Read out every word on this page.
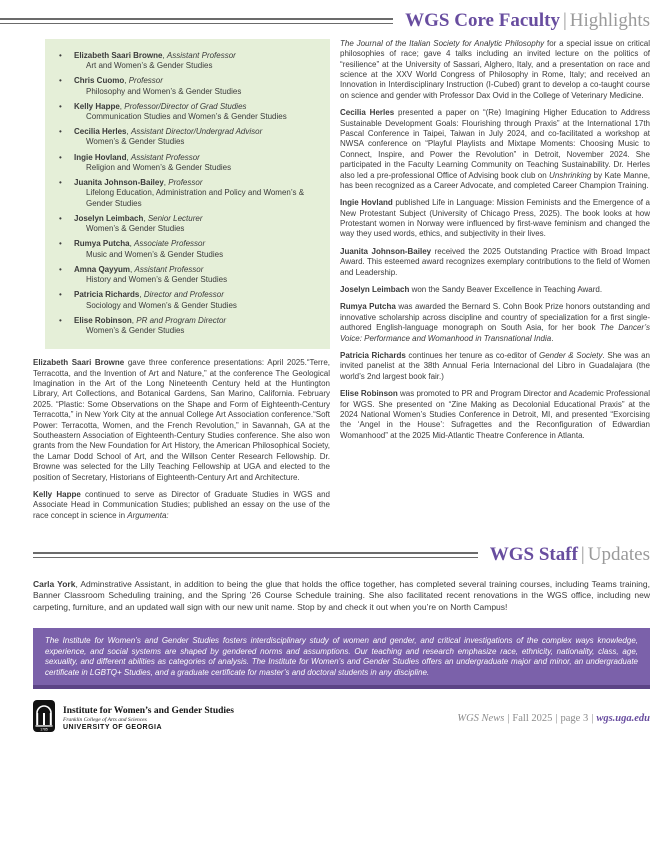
WGS Core Faculty | Highlights
•	Elizabeth Saari Browne, Assistant Professor
Art and Women’s & Gender Studies
•	Chris Cuomo, Professor
Philosophy and Women’s & Gender Studies
•	Kelly Happe, Professor/Director of Grad Studies
Communication Studies and Women’s & Gender Studies
•	Cecilia Herles, Assistant Director/Undergrad Advisor
Women’s & Gender Studies
•	Ingie Hovland, Assistant Professor
Religion and Women’s & Gender Studies
•	Juanita Johnson-Bailey, Professor
Lifelong Education, Administration and Policy and Women’s & Gender Studies
•	Joselyn Leimbach, Senior Lecturer
Women’s & Gender Studies
•	Rumya Putcha, Associate Professor
Music and Women’s & Gender Studies
•	Amna Qayyum, Assistant Professor
History and Women’s & Gender Studies
•	Patricia Richards, Director and Professor
Sociology and Women’s & Gender Studies
•	Elise Robinson, PR and Program Director
Women’s & Gender Studies

Elizabeth Saari Browne gave three conference presentations: April 2025.“Terre, Terracotta, and the Invention of Art and Nature,” at the conference The Geological Imagination in the Art of the Long Nineteenth Century held at the Huntington Library, Art Collections, and Botanical Gardens, San Marino, California. February 2025. “Plastic: Some Observations on the Shape and Form of Eighteenth-Century Terracotta,” in New York City at the annual College Art Association conference.“Soft Power: Terracotta, Women, and the French Revolution,” in Savannah, GA at the Southeastern Association of Eighteenth-Century Studies conference. She also won grants from the New Foundation for Art History, the American Philosophical Society, the Lamar Dodd School of Art, and the Willson Center Research Fellowship. Dr. Browne was selected for the Lilly Teaching Fellowship at UGA and elected to the position of Secretary, Historians of Eighteenth-Century Art and Architecture.

Kelly Happe continued to serve as Director of Graduate Studies in WGS and Associate Head in Communication Studies; published an essay on the use of the race concept in science in Argumenta:

The Journal of the Italian Society for Analytic Philosophy for a special issue on critical philosophies of race; gave 4 talks including an invited lecture on the politics of “resilience” at the University of Sassari, Alghero, Italy, and a presentation on race and science at the XXV World Congress of Philosophy in Rome, Italy; and received an Innovation in Interdisciplinary Instruction (I-Cubed) grant to develop a co-taught course on science and gender with Professor Dax Ovid in the College of Veterinary Medicine.

Cecilia Herles presented a paper on “(Re) Imagining Higher Education to Address Sustainable Development Goals: Flourishing through Praxis” at the International 17th Pascal Conference in Taipei, Taiwan in July 2024, and co-facilitated a workshop at NWSA conference on “Playful Playlists and Mixtape Moments: Choosing Music to Connect, Inspire, and Power the Revolution” in Detroit, November 2024. She participated in the Faculty Learning Community on Teaching Sustainability. Dr. Herles also led a pre-professional Office of Advising book club on Unshrinking by Kate Manne, has been recognized as a Career Advocate, and completed Career Champion Training.

Ingie Hovland published Life in Language: Mission Feminists and the Emergence of a New Protestant Subject (University of Chicago Press, 2025). The book looks at how Protestant women in Norway were influenced by first-wave feminism and changed the way they used words, ethics, and subjectivity in their lives.

Juanita Johnson-Bailey received the 2025 Outstanding Practice with Broad Impact Award. This esteemed award recognizes exemplary contributions to the field of Women and Leadership.

Joselyn Leimbach won the Sandy Beaver Excellence in Teaching Award.

Rumya Putcha was awarded the Bernard S. Cohn Book Prize honors outstanding and innovative scholarship across discipline and country of specialization for a first single-authored English-language monograph on South Asia, for her book The Dancer’s Voice: Performance and Womanhood in Transnational India.

Patricia Richards continues her tenure as co-editor of Gender & Society. She was an invited panelist at the 38th Annual Feria Internacional del Libro in Guadalajara (the world’s 2nd largest book fair.)

Elise Robinson was promoted to PR and Program Director and Academic Professional for WGS. She presented on “Zine Making as Decolonial Educational Praxis” at the 2024 National Women’s Studies Conference in Detroit, MI, and presented “Exorcising the ‘Angel in the House’: Sufragettes and the Reconfiguration of Edwardian Womanhood” at the 2025 Mid-Atlantic Theatre Conference in Atlanta.

WGS Staff | Updates

Carla York, Adminstrative Assistant, in addition to being the glue that holds the office together, has completed several training courses, including Teams training, Banner Classroom Scheduling training, and the Spring ’26 Course Schedule training. She also facilitated recent renovations in the WGS office, including new carpeting, furniture, and an updated wall sign with our new unit name. Stop by and check it out when you’re on North Campus!

The Institute for Women’s and Gender Studies fosters interdisciplinary study of women and gender, and critical investigations of the complex ways knowledge, experience, and social systems are shaped by gendered norms and assumptions. Our teaching and research emphasize race, ethnicity, nationality, class, age, sexuality, and different abilities as categories of analysis. The Institute for Women’s and Gender Studies offers an undergraduate major and minor, an undergraduate certificate in LGBTQ+ Studies, and a graduate certificate for master’s and doctoral students in any discipline.

1785
Institute for Women’s and Gender Studies
Franklin College of Arts and Sciences
UNIVERSITY OF GEORGIA
WGS News | Fall 2025 | page 3 | wgs.uga.edu
